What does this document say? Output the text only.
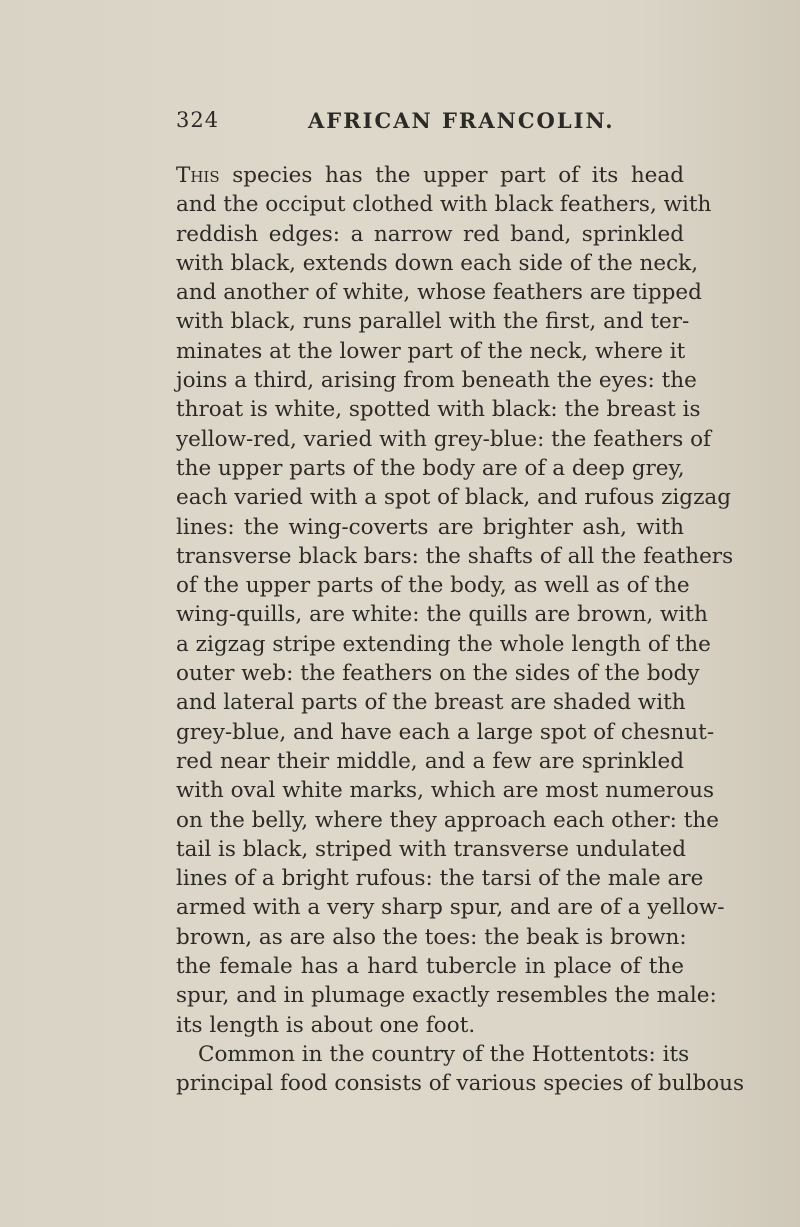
324	AFRICAN FRANCOLIN.
This species has the upper part of its head
and the occiput clothed with black feathers, with
reddish edges: a narrow red band, sprinkled
with black, extends down each side of the neck,
and another of white, whose feathers are tipped
with black, runs parallel with the first, and ter-
minates at the lower part of the neck, where it
joins a third, arising from beneath the eyes: the
throat is white, spotted with black: the breast is
yellow-red, varied with grey-blue: the feathers of
the upper parts of the body are of a deep grey,
each varied with a spot of black, and rufous zigzag
lines: the wing-coverts are brighter ash, with
transverse black bars: the shafts of all the feathers
of the upper parts of the body, as well as of the
wing-quills, are white: the quills are brown, with
a zigzag stripe extending the whole length of the
outer web: the feathers on the sides of the body
and lateral parts of the breast are shaded with
grey-blue, and have each a large spot of chesnut-
red near their middle, and a few are sprinkled
with oval white marks, which are most numerous
on the belly, where they approach each other: the
tail is black, striped with transverse undulated
lines of a bright rufous: the tarsi of the male are
armed with a very sharp spur, and are of a yellow-
brown, as are also the toes: the beak is brown:
the female has a hard tubercle in place of the
spur, and in plumage exactly resembles the male:
its length is about one foot.
Common in the country of the Hottentots: its
principal food consists of various species of bulbous
